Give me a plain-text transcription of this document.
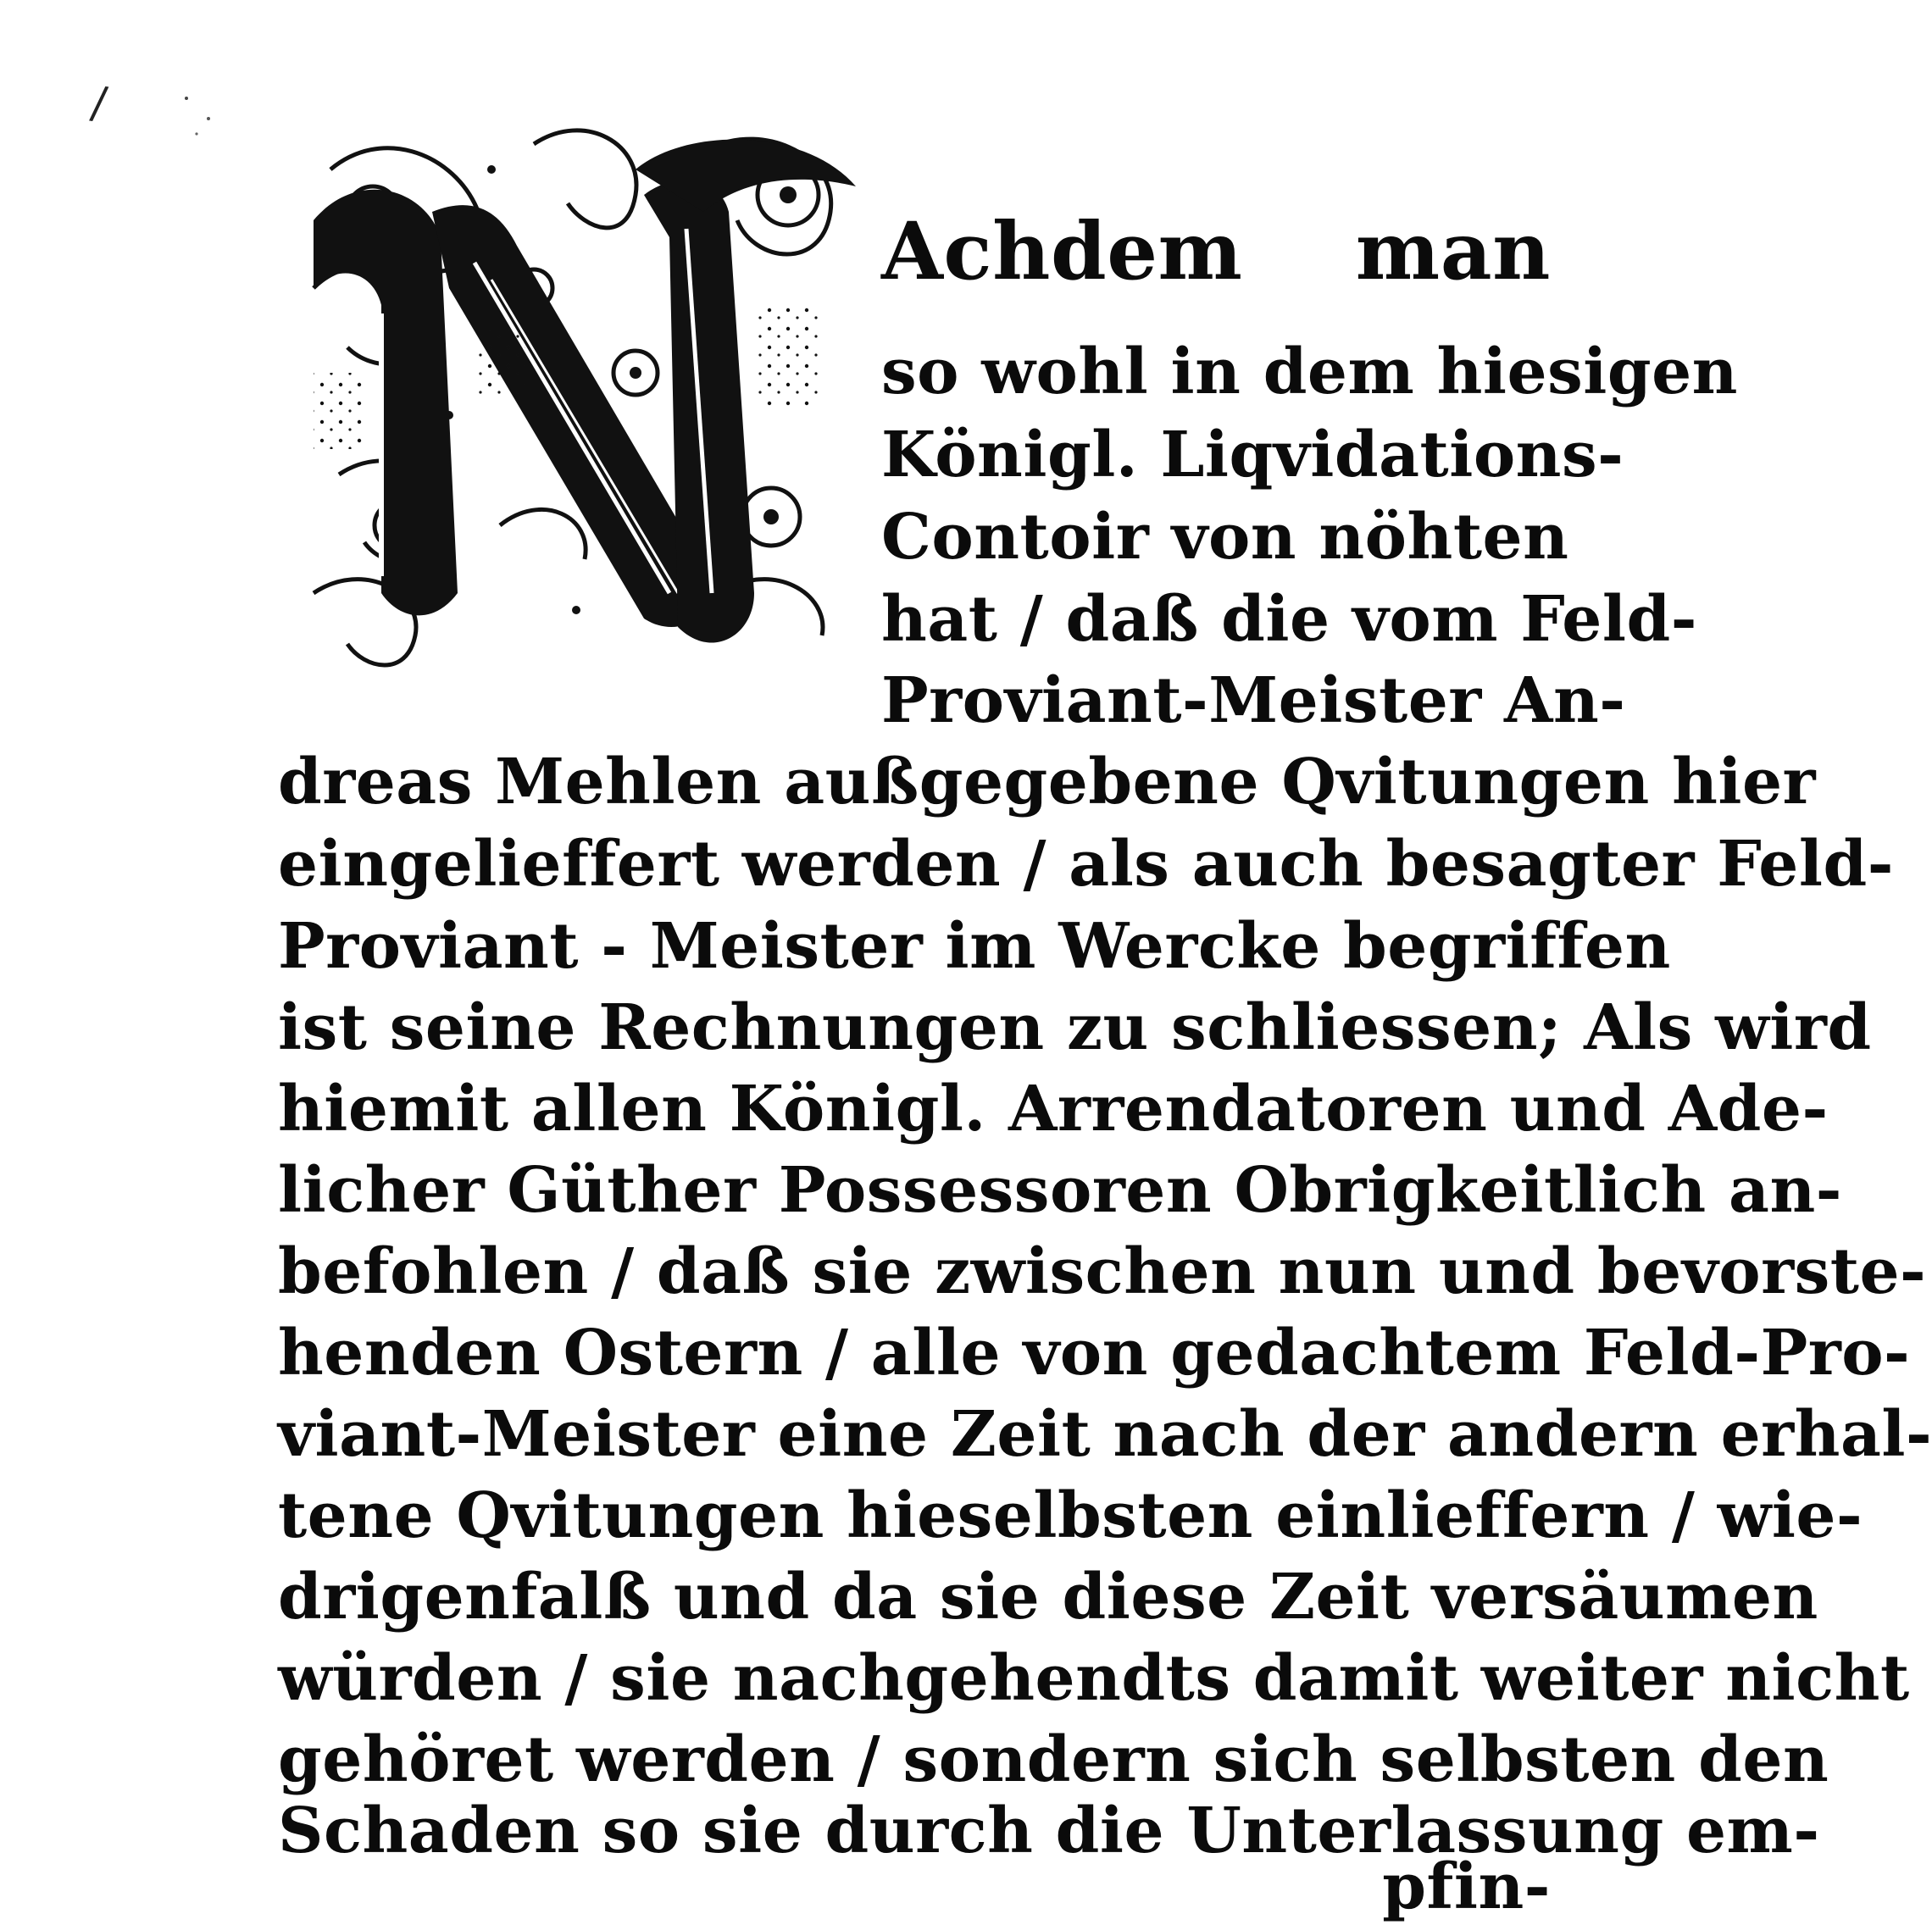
/
Achdem man
so wohl in dem hiesigen
Königl. Liqvidations-
Contoir von nöhten
hat / daß die vom Feld-
Proviant-Meister An-
dreas Mehlen außgegebene Qvitungen hier
eingelieffert werden / als auch besagter Feld-
Proviant - Meister im Wercke begriffen
ist seine Rechnungen zu schliessen; Als wird
hiemit allen Königl. Arrendatoren und Ade-
licher Güther Possessoren Obrigkeitlich an-
befohlen / daß sie zwischen nun und bevorste-
henden Ostern / alle von gedachtem Feld-Pro-
viant-Meister eine Zeit nach der andern erhal-
tene Qvitungen hieselbsten einlieffern / wie-
drigenfalß und da sie diese Zeit versäumen
würden / sie nachgehendts damit weiter nicht
gehöret werden / sondern sich selbsten den
Schaden so sie durch die Unterlassung em-
pfin-
